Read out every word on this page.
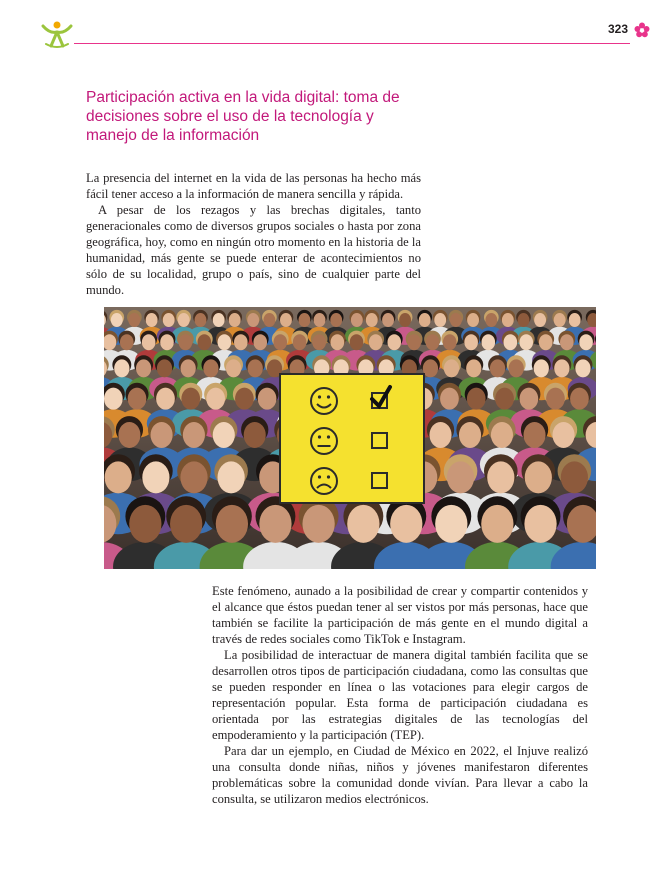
323
Participación activa en la vida digital: toma de decisiones sobre el uso de la tecnología y manejo de la información

La presencia del internet en la vida de las personas ha hecho más fácil tener acceso a la información de manera sencilla y rápida.

A pesar de los rezagos y las brechas digitales, tanto generacionales como de diversos grupos sociales o hasta por zona geográfica, hoy, como en ningún otro momento en la historia de la humanidad, más gente se puede enterar de acontecimientos no sólo de su localidad, grupo o país, sino de cualquier parte del mundo.

Este fenómeno, aunado a la posibilidad de crear y compartir contenidos y el alcance que éstos puedan tener al ser vistos por más personas, hace que también se facilite la participación de más gente en el mundo digital a través de redes sociales como TikTok e Instagram.

La posibilidad de interactuar de manera digital también facilita que se desarrollen otros tipos de participación ciudadana, como las consultas que se pueden responder en línea o las votaciones para elegir cargos de representación popular. Esta forma de participación ciudadana es orientada por las estrategias digitales de las tecnologías del empoderamiento y la participación (TEP).

Para dar un ejemplo, en Ciudad de México en 2022, el Injuve realizó una consulta donde niñas, niños y jóvenes manifestaron diferentes problemáticas sobre la comunidad donde vivían. Para llevar a cabo la consulta, se utilizaron medios electrónicos.
